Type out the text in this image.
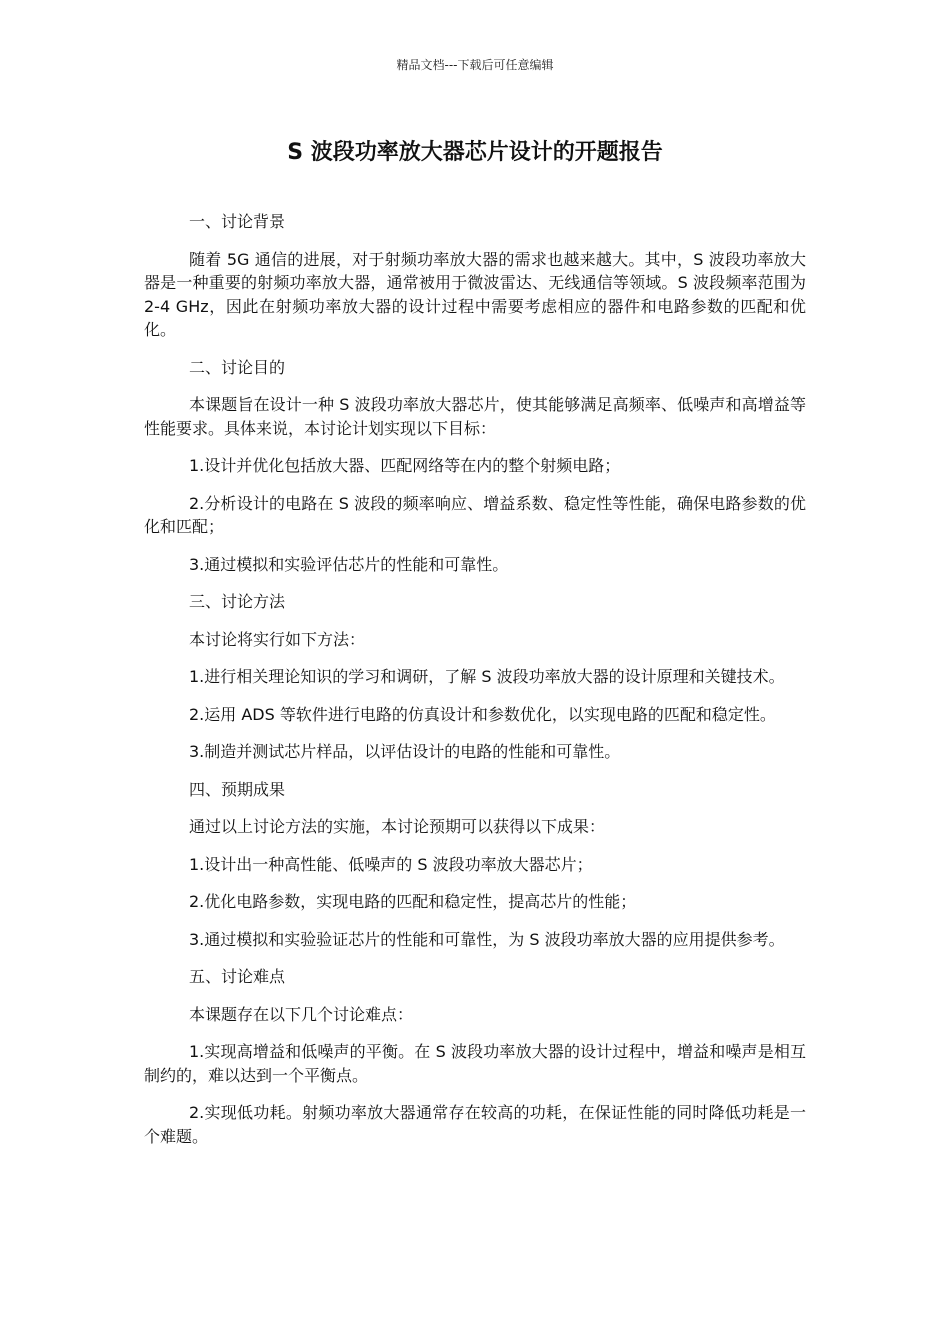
精品文档---下载后可任意编辑
S 波段功率放大器芯片设计的开题报告

一、讨论背景

随着 5G 通信的进展，对于射频功率放大器的需求也越来越大。其中，S 波段功率放大器是一种重要的射频功率放大器，通常被用于微波雷达、无线通信等领域。S 波段频率范围为 2-4 GHz，因此在射频功率放大器的设计过程中需要考虑相应的器件和电路参数的匹配和优化。

二、讨论目的

本课题旨在设计一种 S 波段功率放大器芯片，使其能够满足高频率、低噪声和高增益等性能要求。具体来说，本讨论计划实现以下目标：

1.设计并优化包括放大器、匹配网络等在内的整个射频电路；

2.分析设计的电路在 S 波段的频率响应、增益系数、稳定性等性能，确保电路参数的优化和匹配；

3.通过模拟和实验评估芯片的性能和可靠性。

三、讨论方法

本讨论将实行如下方法：

1.进行相关理论知识的学习和调研，了解 S 波段功率放大器的设计原理和关键技术。

2.运用 ADS 等软件进行电路的仿真设计和参数优化，以实现电路的匹配和稳定性。

3.制造并测试芯片样品，以评估设计的电路的性能和可靠性。

四、预期成果

通过以上讨论方法的实施，本讨论预期可以获得以下成果：

1.设计出一种高性能、低噪声的 S 波段功率放大器芯片；

2.优化电路参数，实现电路的匹配和稳定性，提高芯片的性能；

3.通过模拟和实验验证芯片的性能和可靠性，为 S 波段功率放大器的应用提供参考。

五、讨论难点

本课题存在以下几个讨论难点：

1.实现高增益和低噪声的平衡。在 S 波段功率放大器的设计过程中，增益和噪声是相互制约的，难以达到一个平衡点。

2.实现低功耗。射频功率放大器通常存在较高的功耗，在保证性能的同时降低功耗是一个难题。
